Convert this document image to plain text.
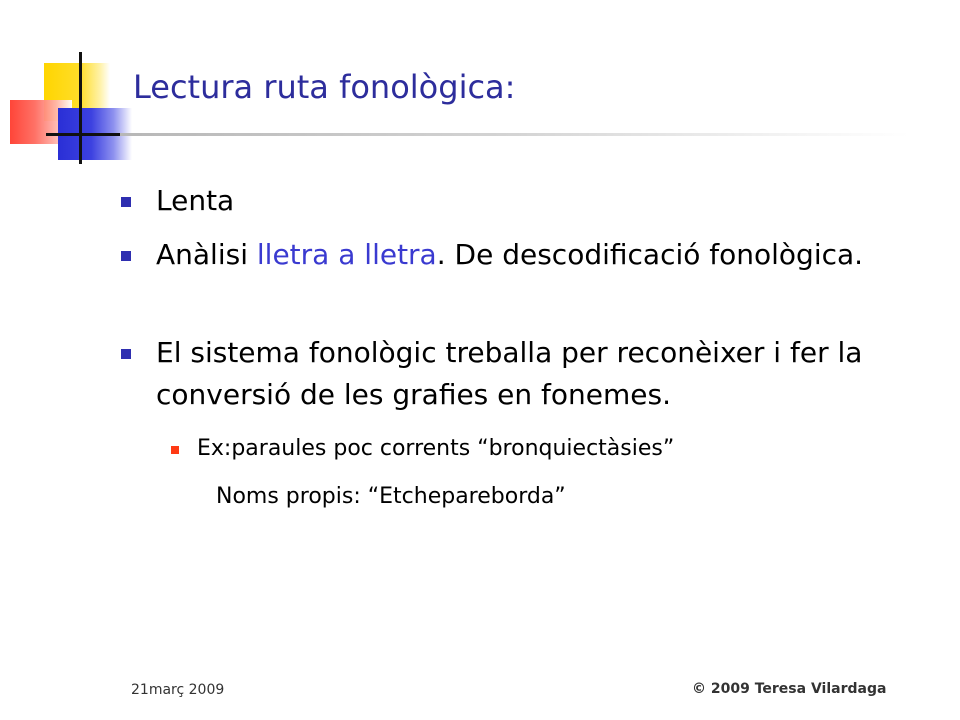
Lectura ruta fonològica:
Lenta
Anàlisi lletra a lletra. De descodificació fonològica.
El sistema fonològic treballa per reconèixer i fer la conversió de les grafies en fonemes.
Ex:paraules poc corrents “bronquiectàsies”
Noms propis: “Etchepareborda”
21març 2009	© 2009 Teresa Vilardaga
